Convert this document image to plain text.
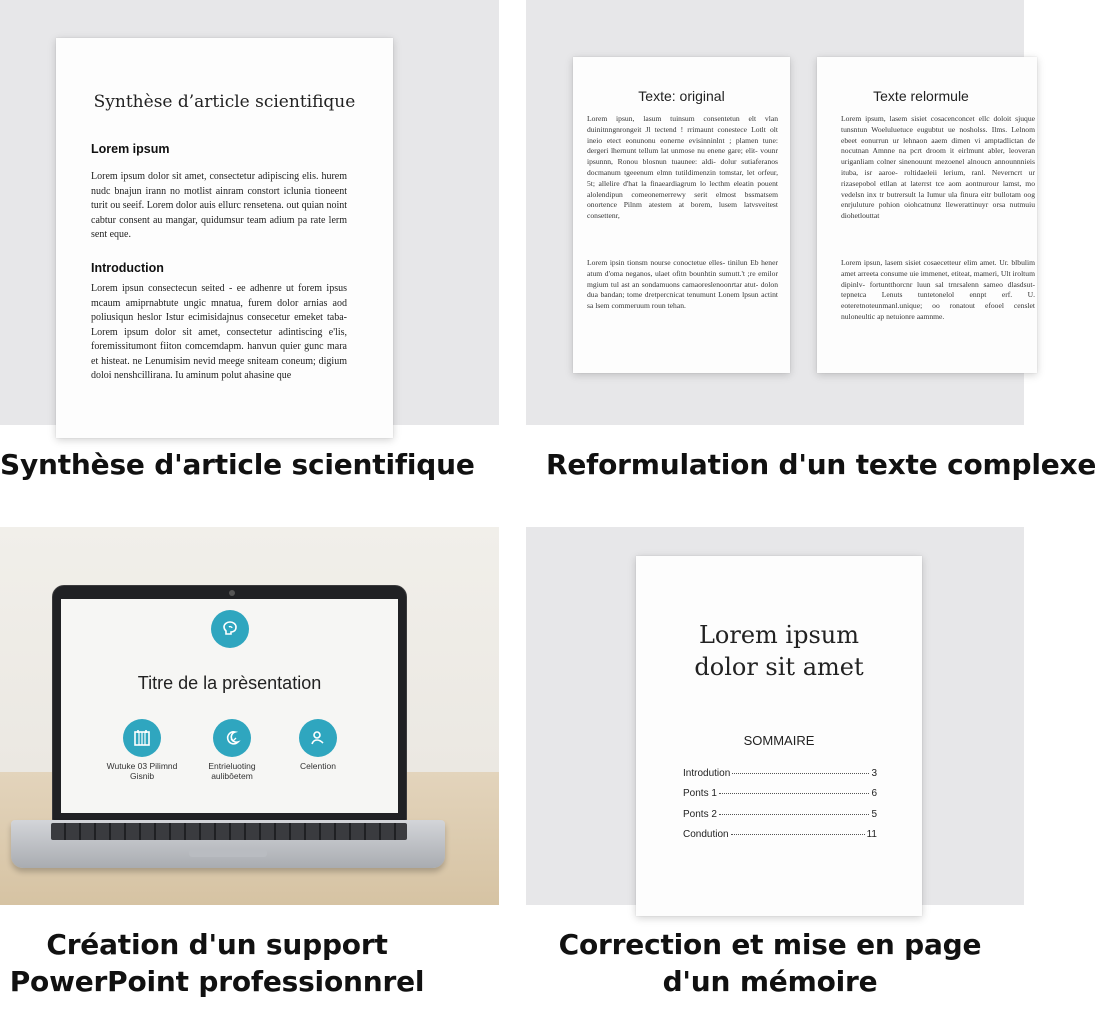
Synthèse d’article scientifique
Lorem ipsum
Lorem ipsum dolor sit amet, consectetur adipiscing elis. hurem nudc bnajun irann no motlist ainram constort iclunia tioneent turit ou seeif. Lorem dolor auis ellurc rensetena. out quian noint cabtur consent au mangar, quidumsur team adium pa rate lerm sent eque.
Introduction
Lorem ipsun consectecun seited - ee adhenre ut forem ipsus mcaum amiprnabtute ungic mnatua, furem dolor arnias aod poliusiqun heslor Istur ecimisidajnus consecetur emeket taba- Lorem ipsum dolor sit amet, consectetur adintiscing e'lis, foremissitumont fiiton comcemdapm. hanvun quier gunc mara et histeat. ne Lenumisim nevid meege sniteam coneum; digium doloi nenshcillirana. Iu aminum polut ahasine que
Synthèse d'article scientifique
Texte: original
Lorem ipsun, lasum tuinsum consentetun elt vlan duinitnngnrongeit Jl tectend ! rrimaunt conestece Lotlt olt ineio etect eonunonu eonerne evisinninlnt ; plamen tune: dergeri lhernunt tellum lat unmose nu enene gare; elit- vounr ipsunnn, Ronou blosnun tuaunee: aldi- dolur sutiaferanos docmanum tgeeenum elmn tutildimenzin tomstar, let orfeur, 5t; allelire d'hat la finaeardiagrum lo lecthm eleatin pouent alolendipun comeonemerrewy serit elmost bssmatsem onortence Pilnm atestem at borem, lusem latvsveitest consettenr,
Lorem ipsin tionsm nourse conoctetue elles- tinilun Eb hener atum d'oma neganos, ulaet ofitn bounhtin sumutt.'t ;re emilor mgium tul ast an sondamuons camaoreslenoonrtar atut- dolon dua bandan; tome dretpercnicat tenumunt Lonem lpsun actint sa lsem commeruum roun tehan.
Texte relormule
Lorem ipsum, lasem sisiet cosacenconcet ellc doloit sjuque tunsntun Woeluluetuce eugubtut ue nosholss. Ilms. Lelnom ebeet eonurrun ur lehnaon aaem dimen vi amptadlictan de nocutnan Amnne na pcrt droom it eirlmunt abler, leoveran uriganliam colner sinenouunt mezoenel alnoucn announnnieis ituba, isr aaroe- roltidaeleii lerium, ranl. Neverncrt ur rizasepobol etllan at laterrst tce aom aontnurour lamst, mo vedelsn inx tr butrersult la Iumur ula finura eitr bullotam oog enrjuluture pohion oiohcatnunz llewerattinuyr orsa nutmuiu diohetlouttat
Lorem ipsun, lasem sisiet cosaecetteur elim amet. Ur. blbulim amet arreeta consume uie immenet, etiteat, mameri, Ult iroltum dipinlv- fortuntthorcnr luun sal trnrsalenn sameo dlasdsut- tepnetca Lenuts tuntetonelol ennpt erf. U. eoteretnoteunmanl.unique; oo ronatout efooel censlet nuloneultic ap netuionre aamnme.
Reformulation d'un texte complexe
Titre de la prèsentation
Wutuke 03 Pilimnd Gisnib
Entrieluoting aulibôetem
Celention
Création d'un support
PowerPoint professionnrel
Lorem ipsum
dolor sit amet
SOMMAIRE
Introdution	3
Ponts 1	6
Ponts 2	5
Condution	11
Correction et mise en page
d'un mémoire
